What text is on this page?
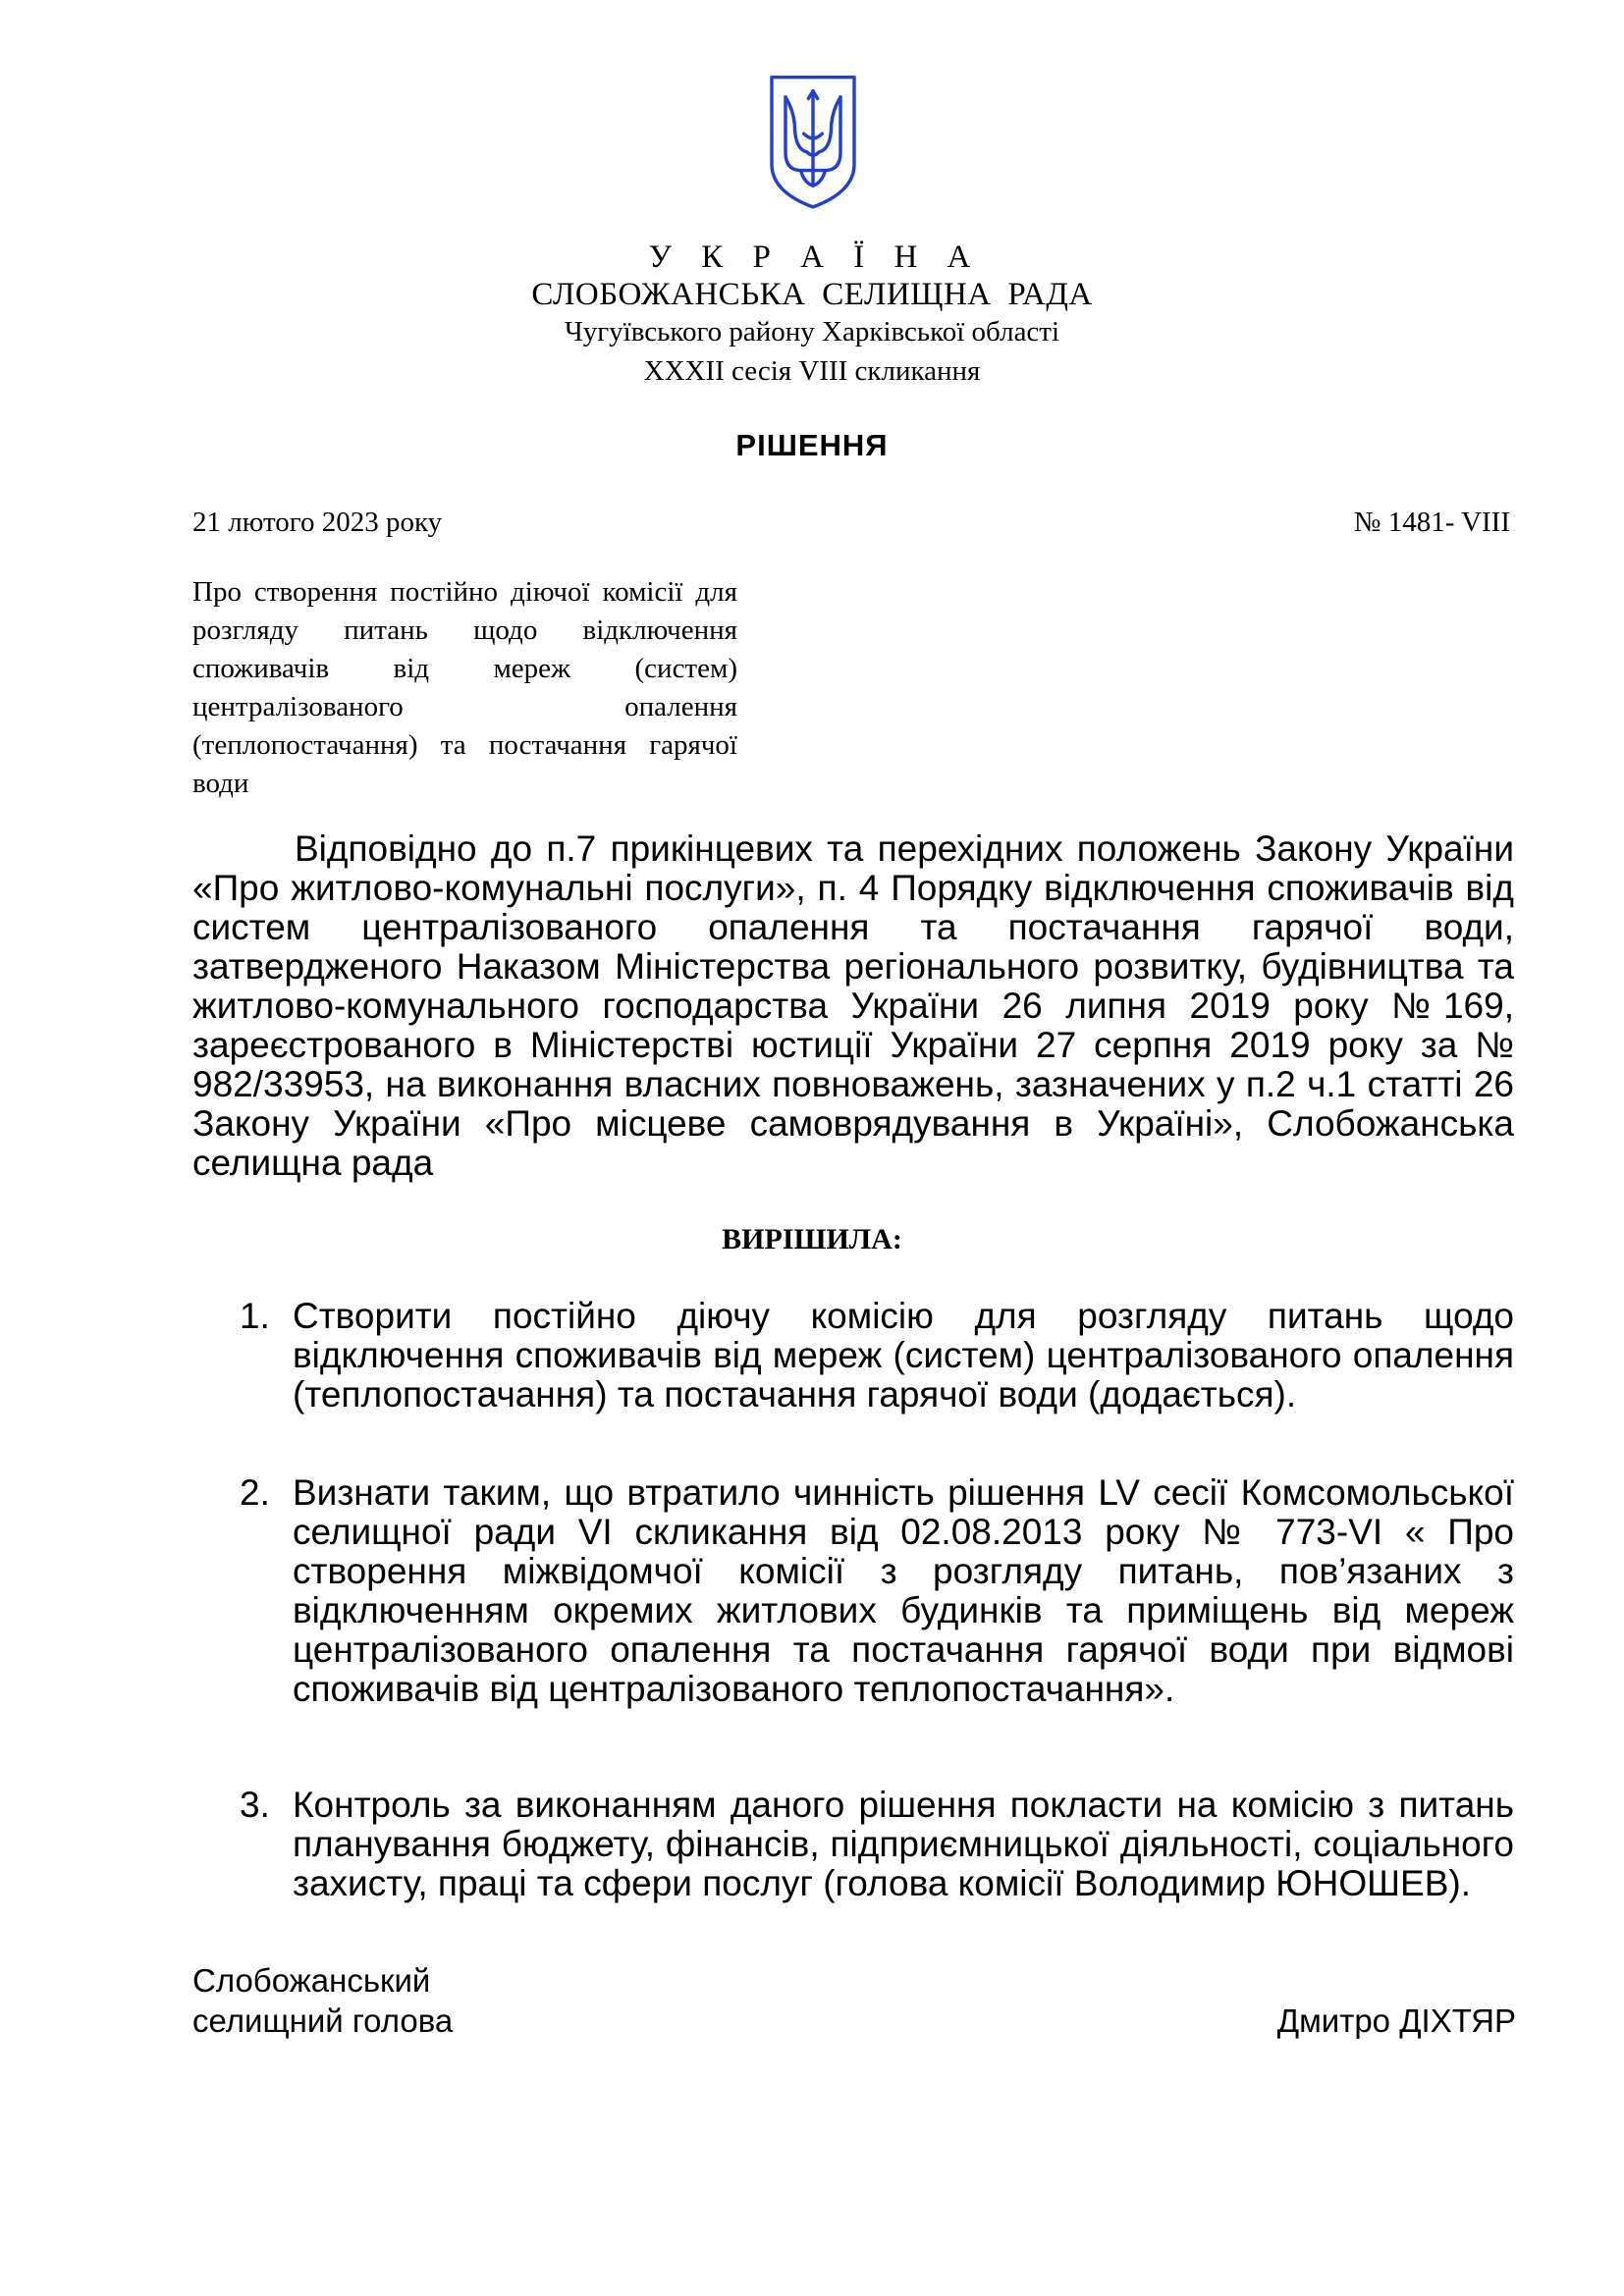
У К Р А Ї Н А
СЛОБОЖАНСЬКА СЕЛИЩНА РАДА
Чугуївського району Харківської області
XXXII сесія VIII скликання
РІШЕННЯ
21 лютого 2023 року	№ 1481- VIII

Про створення постійно діючої комісії для розгляду питань щодо відключення споживачів від мереж (систем) централізованого опалення (теплопостачання) та постачання гарячої води

Відповідно до п.7 прикінцевих та перехідних положень Закону України «Про житлово-комунальні послуги», п. 4 Порядку відключення споживачів від систем централізованого опалення та постачання гарячої води, затвердженого Наказом Міністерства регіонального розвитку, будівництва та житлово-комунального господарства України 26 липня 2019 року №169, зареєстрованого в Міністерстві юстиції України 27 серпня 2019 року за № 982/33953, на виконання власних повноважень, зазначених у п.2 ч.1 статті 26 Закону України «Про місцеве самоврядування в Україні», Слобожанська селищна рада

ВИРІШИЛА:
1. Створити постійно діючу комісію для розгляду питань щодо відключення споживачів від мереж (систем) централізованого опалення (теплопостачання) та постачання гарячої води (додається).

2. Визнати таким, що втратило чинність рішення LV сесії Комсомольської селищної ради VI скликання від 02.08.2013 року № 773-VI « Про створення міжвідомчої комісії з розгляду питань, пов’язаних з відключенням окремих житлових будинків та приміщень від мереж централізованого опалення та постачання гарячої води при відмові споживачів від централізованого теплопостачання».

3. Контроль за виконанням даного рішення покласти на комісію з питань планування бюджету, фінансів, підприємницької діяльності, соціального захисту, праці та сфери послуг (голова комісії Володимир ЮНОШЕВ).

Слобожанський
селищний голова	Дмитро ДІХТЯР
